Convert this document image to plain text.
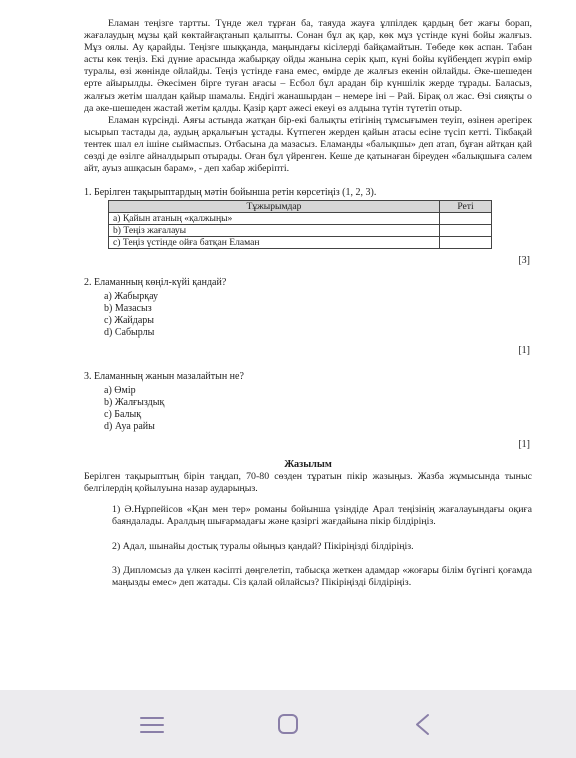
Еламан теңізге тартты. Түнде жел тұрған ба, таяуда жауға ұлпілдек қардың бет жағы борап, жағалаудың мұзы қай көктайғақтанып қалыпты. Сонан бұл ақ қар, көк мұз үстінде күні бойы жалғыз. Мұз оялы. Ау қарайды. Теңізге шыққанда, маңындағы кісілерді байқамайтын. Төбеде көк аспан. Табан асты көк теңіз. Екі дүние арасында жабырқау ойды жанына серік қып, күні бойы күйбеңдеп жүріп өмір туралы, өзі жөнінде ойлайды. Теңіз үстінде ғана емес, өмірде де жалғыз екенін ойлайды. Әке-шешеден ерте айырылды. Әкесімен бірге туған ағасы – Есбол бұл арадан бір күншілік жерде тұрады. Баласыз, жалғыз жетім шалдан қайыр шамалы. Ендігі жанашырдан – немере іні – Рай. Бірақ ол жас. Өзі сияқты о да әке-шешеден жастай жетім қалды. Қазір қарт әжесі екеуі өз алдына түтін түтетіп отыр.

Еламан күрсінді. Аяғы астында жатқан бір-екі балықты етігінің тұмсығымен теуіп, өзінен әрегірек ысырып тастады да, аудың арқалығын ұстады. Күтпеген жерден қайын атасы есіне түсіп кетті. Тікбақай тентек шал ел ішіне сыймаспыз. Отбасына да мазасыз. Еламанды «балықшы» деп атап, бұған айтқан қай сөзді де өзілге айналдырып отырады. Оған бұл үйренген. Кеше де қатынаған біреуден «балықшыға сәлем айт, ауыз ашқасын барам», - деп хабар жіберіпті.

1. Берілген тақырыптардың мәтін бойынша ретін көрсетіңіз (1, 2, 3).

Тұжырымдар	Реті
а) Қайын атаның «қалжыңы»	
b) Теңіз жағалауы	
с) Теңіз үстінде ойға батқан Еламан	
[3]

2. Еламанның көңіл-күйі қандай?

а) Жабырқау
b) Мазасыз
с) Жайдары
d) Сабырлы
[1]

3. Еламанның жанын мазалайтын не?

а) Өмір
b) Жалғыздық
с) Балық
d) Ауа райы
[1]
Жазылым

Берілген тақырыптың бірін таңдап, 70-80 сөзден тұратын пікір жазыңыз. Жазба жұмысында тыныс белгілердің қойылуына назар аударыңыз.

1) Ә.Нұрпейісов «Қан мен тер» романы бойынша үзіндіде Арал теңізінің жағалауындағы оқиға баяндалады. Аралдың шығармадағы және қазіргі жағдайына пікір білдіріңіз.
2) Адал, шынайы достық туралы ойыңыз қандай? Пікіріңізді білдіріңіз.
3) Дипломсыз да үлкен кәсіпті дөңгелетіп, табысқа жеткен адамдар «жоғары білім бүгінгі қоғамда маңызды емес» деп жатады. Сіз қалай ойлайсыз? Пікіріңізді білдіріңіз.
